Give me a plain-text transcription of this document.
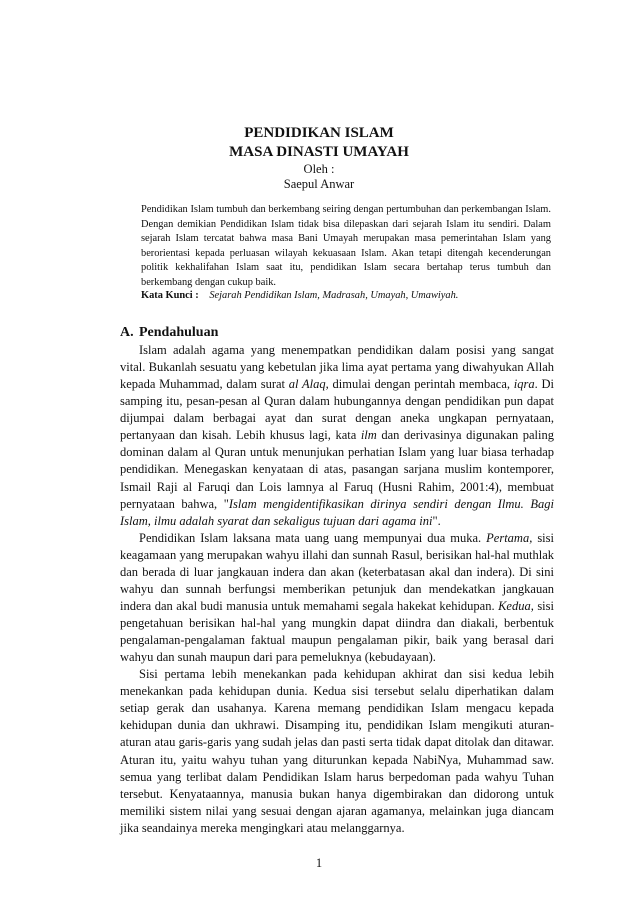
PENDIDIKAN ISLAM
MASA DINASTI UMAYAH

Oleh :

Saepul Anwar

Pendidikan Islam tumbuh dan berkembang seiring dengan pertumbuhan dan perkembangan Islam. Dengan demikian Pendidikan Islam tidak bisa dilepaskan dari sejarah Islam itu sendiri. Dalam sejarah Islam tercatat bahwa masa Bani Umayah merupakan masa pemerintahan Islam yang berorientasi kepada perluasan wilayah kekuasaan Islam. Akan tetapi ditengah kecenderungan politik kekhalifahan Islam saat itu, pendidikan Islam secara bertahap terus tumbuh dan berkembang dengan cukup baik.

Kata Kunci : Sejarah Pendidikan Islam, Madrasah, Umayah, Umawiyah.
A. Pendahuluan

Islam adalah agama yang menempatkan pendidikan dalam posisi yang sangat vital. Bukanlah sesuatu yang kebetulan jika lima ayat pertama yang diwahyukan Allah kepada Muhammad, dalam surat al Alaq, dimulai dengan perintah membaca, iqra. Di samping itu, pesan-pesan al Quran dalam hubungannya dengan pendidikan pun dapat dijumpai dalam berbagai ayat dan surat dengan aneka ungkapan pernyataan, pertanyaan dan kisah. Lebih khusus lagi, kata ilm dan derivasinya digunakan paling dominan dalam al Quran untuk menunjukan perhatian Islam yang luar biasa terhadap pendidikan. Menegaskan kenyataan di atas, pasangan sarjana muslim kontemporer, Ismail Raji al Faruqi dan Lois lamnya al Faruq (Husni Rahim, 2001:4), membuat pernyataan bahwa, "Islam mengidentifikasikan dirinya sendiri dengan Ilmu. Bagi Islam, ilmu adalah syarat dan sekaligus tujuan dari agama ini".

Pendidikan Islam laksana mata uang uang mempunyai dua muka. Pertama, sisi keagamaan yang merupakan wahyu illahi dan sunnah Rasul, berisikan hal-hal muthlak dan berada di luar jangkauan indera dan akan (keterbatasan akal dan indera). Di sini wahyu dan sunnah berfungsi memberikan petunjuk dan mendekatkan jangkauan indera dan akal budi manusia untuk memahami segala hakekat kehidupan. Kedua, sisi pengetahuan berisikan hal-hal yang mungkin dapat diindra dan diakali, berbentuk pengalaman-pengalaman faktual maupun pengalaman pikir, baik yang berasal dari wahyu dan sunah maupun dari para pemeluknya (kebudayaan).

Sisi pertama lebih menekankan pada kehidupan akhirat dan sisi kedua lebih menekankan pada kehidupan dunia. Kedua sisi tersebut selalu diperhatikan dalam setiap gerak dan usahanya. Karena memang pendidikan Islam mengacu kepada kehidupan dunia dan ukhrawi. Disamping itu, pendidikan Islam mengikuti aturan-aturan atau garis-garis yang sudah jelas dan pasti serta tidak dapat ditolak dan ditawar. Aturan itu, yaitu wahyu tuhan yang diturunkan kepada NabiNya, Muhammad saw. semua yang terlibat dalam Pendidikan Islam harus berpedoman pada wahyu Tuhan tersebut. Kenyataannya, manusia bukan hanya digembirakan dan didorong untuk memiliki sistem nilai yang sesuai dengan ajaran agamanya, melainkan juga diancam jika seandainya mereka mengingkari atau melanggarnya.

1
